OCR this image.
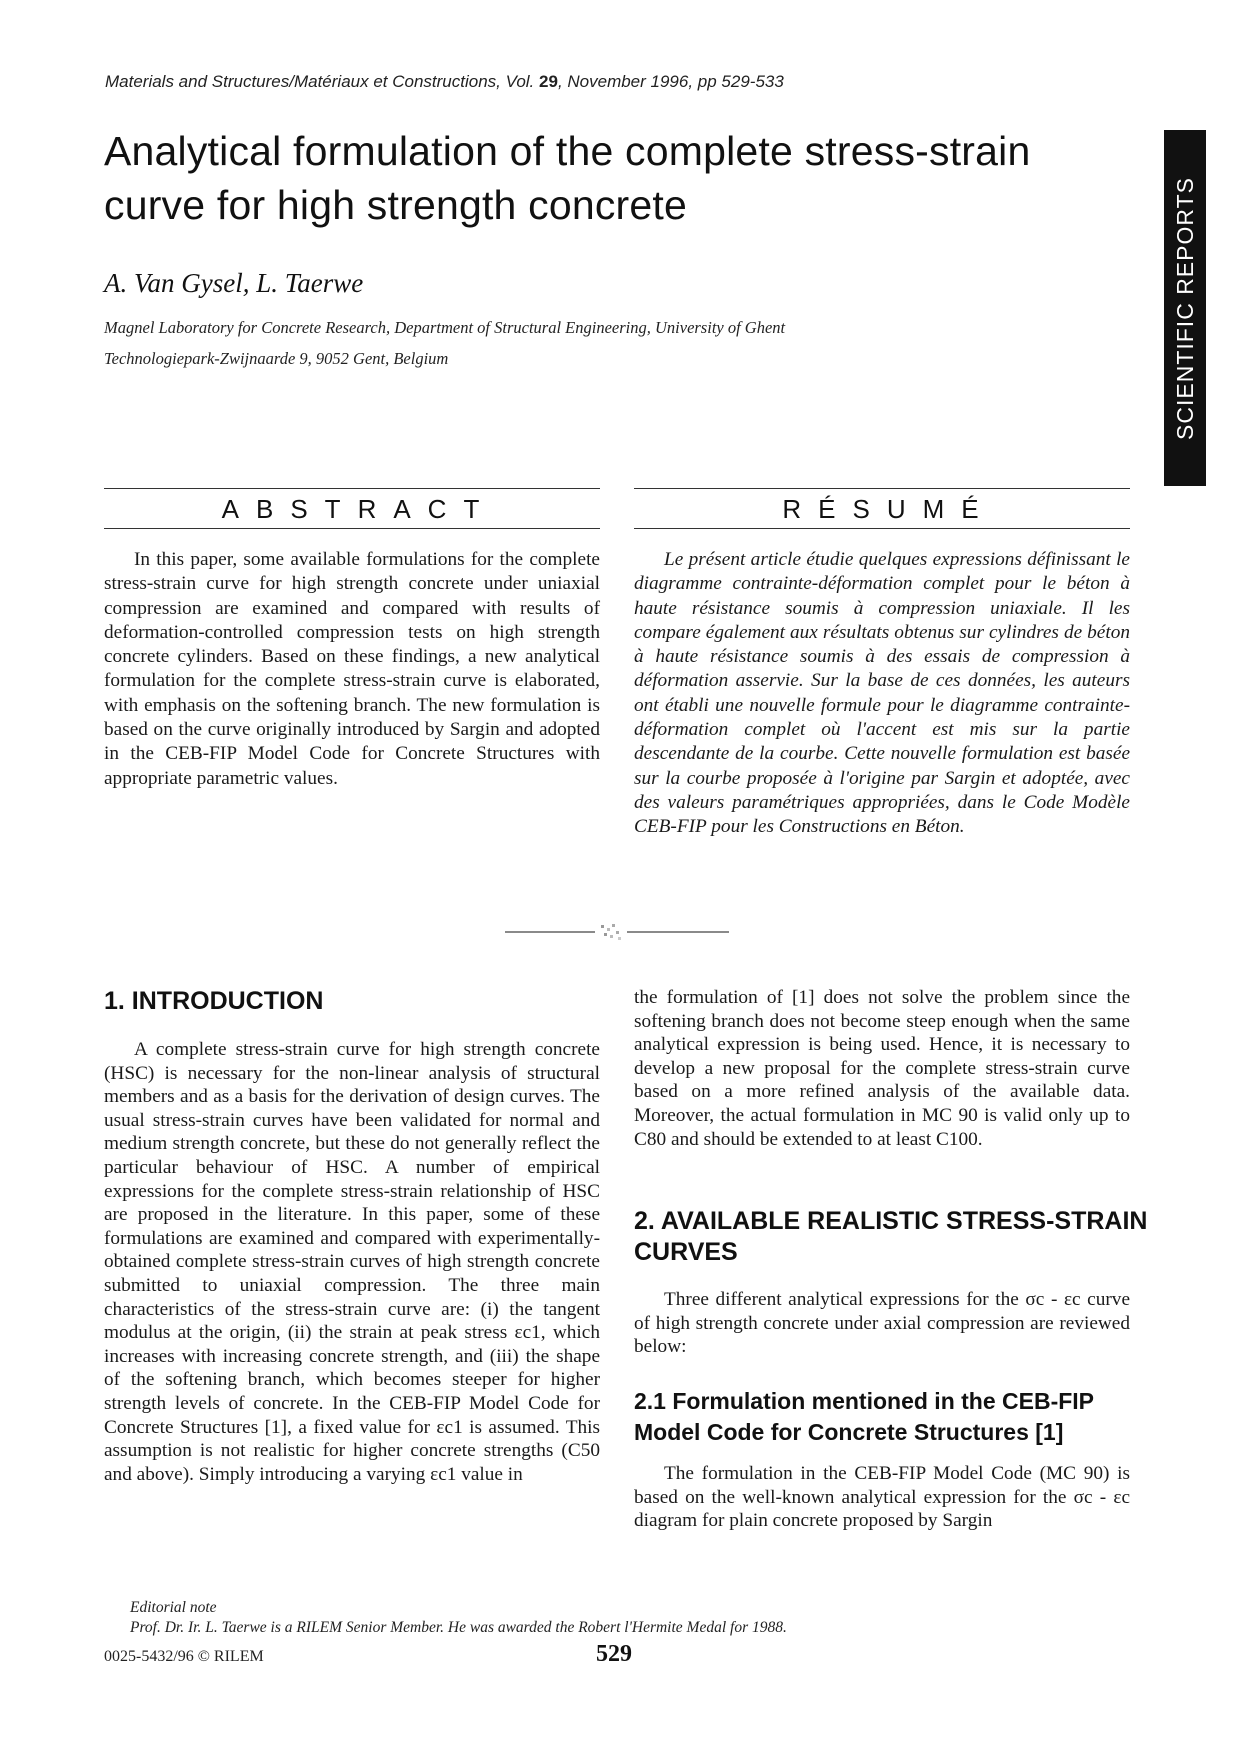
Materials and Structures/Matériaux et Constructions, Vol. 29, November 1996, pp 529-533
Analytical formulation of the complete stress-strain
curve for high strength concrete
A. Van Gysel, L. Taerwe
Magnel Laboratory for Concrete Research, Department of Structural Engineering, University of Ghent
Technologiepark-Zwijnaarde 9, 9052 Gent, Belgium	SCIENTIFIC REPORTS
ABSTRACT	RÉSUMÉ
In this paper, some available formulations for the complete stress-strain curve for high strength concrete under uniaxial compression are examined and compared with results of deformation-controlled compression tests on high strength concrete cylinders. Based on these findings, a new analytical formulation for the complete stress-strain curve is elaborated, with emphasis on the softening branch. The new formulation is based on the curve originally introduced by Sargin and adopted in the CEB-FIP Model Code for Concrete Structures with appropriate parametric values.
Le présent article étudie quelques expressions définissant le diagramme contrainte-déformation complet pour le béton à haute résistance soumis à compression uniaxiale. Il les compare également aux résultats obtenus sur cylindres de béton à haute résistance soumis à des essais de compression à déformation asservie. Sur la base de ces données, les auteurs ont établi une nouvelle formule pour le diagramme contrainte-déformation complet où l'accent est mis sur la partie descendante de la courbe. Cette nouvelle formulation est basée sur la courbe proposée à l'origine par Sargin et adoptée, avec des valeurs paramétriques appropriées, dans le Code Modèle CEB-FIP pour les Constructions en Béton.
1. INTRODUCTION
A complete stress-strain curve for high strength concrete (HSC) is necessary for the non-linear analysis of structural members and as a basis for the derivation of design curves. The usual stress-strain curves have been validated for normal and medium strength concrete, but these do not generally reflect the particular behaviour of HSC. A number of empirical expressions for the complete stress-strain relationship of HSC are proposed in the literature. In this paper, some of these formulations are examined and compared with experimentally-obtained complete stress-strain curves of high strength concrete submitted to uniaxial compression. The three main characteristics of the stress-strain curve are: (i) the tangent modulus at the origin, (ii) the strain at peak stress εc1, which increases with increasing concrete strength, and (iii) the shape of the softening branch, which becomes steeper for higher strength levels of concrete. In the CEB-FIP Model Code for Concrete Structures [1], a fixed value for εc1 is assumed. This assumption is not realistic for higher concrete strengths (C50 and above). Simply introducing a varying εc1 value in
the formulation of [1] does not solve the problem since the softening branch does not become steep enough when the same analytical expression is being used. Hence, it is necessary to develop a new proposal for the complete stress-strain curve based on a more refined analysis of the available data. Moreover, the actual formulation in MC 90 is valid only up to C80 and should be extended to at least C100.
2. AVAILABLE REALISTIC STRESS-STRAIN
CURVES
Three different analytical expressions for the σc - εc curve of high strength concrete under axial compression are reviewed below:
2.1 Formulation mentioned in the CEB-FIP
Model Code for Concrete Structures [1]
The formulation in the CEB-FIP Model Code (MC 90) is based on the well-known analytical expression for the σc - εc diagram for plain concrete proposed by Sargin
Editorial note
Prof. Dr. Ir. L. Taerwe is a RILEM Senior Member. He was awarded the Robert l'Hermite Medal for 1988.
0025-5432/96 © RILEM	529
